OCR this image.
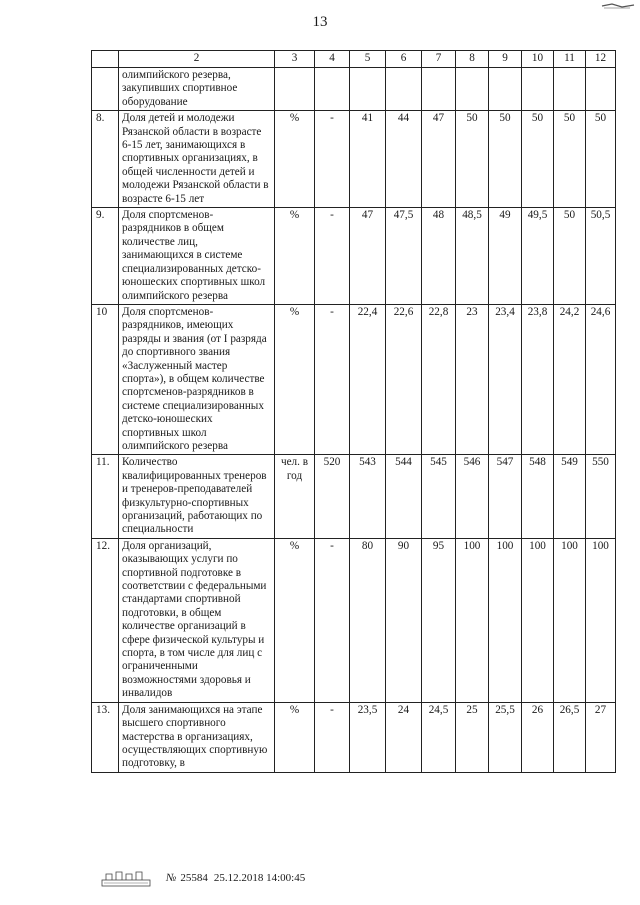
13
	2	3	4	5	6	7	8	9	10	11	12
	олимпийского резерва, закупивших спортивное оборудование										
8.	Доля детей и молодежи Рязанской области в возрасте 6-15 лет, занимающихся в спортивных организациях, в общей численности детей и молодежи Рязанской области в возрасте 6-15 лет	%	-	41	44	47	50	50	50	50	50
9.	Доля спортсменов-разрядников в общем количестве лиц, занимающихся в системе специализированных детско-юношеских спортивных школ олимпийского резерва	%	-	47	47,5	48	48,5	49	49,5	50	50,5
10	Доля спортсменов-разрядников, имеющих разряды и звания (от I разряда до спортивного звания «Заслуженный мастер спорта»), в общем количестве спортсменов-разрядников в системе специализированных детско-юношеских спортивных школ олимпийского резерва	%	-	22,4	22,6	22,8	23	23,4	23,8	24,2	24,6
11.	Количество квалифицированных тренеров и тренеров-преподавателей физкультурно-спортивных организаций, работающих по специальности	чел. в год	520	543	544	545	546	547	548	549	550
12.	Доля организаций, оказывающих услуги по спортивной подготовке в соответствии с федеральными стандартами спортивной подготовки, в общем количестве организаций в сфере физической культуры и спорта, в том числе для лиц с ограниченными возможностями здоровья и инвалидов	%	-	80	90	95	100	100	100	100	100
13.	Доля занимающихся на этапе высшего спортивного мастерства в организациях, осуществляющих спортивную подготовку, в	%	-	23,5	24	24,5	25	25,5	26	26,5	27
№ 25584 25.12.2018 14:00:45
